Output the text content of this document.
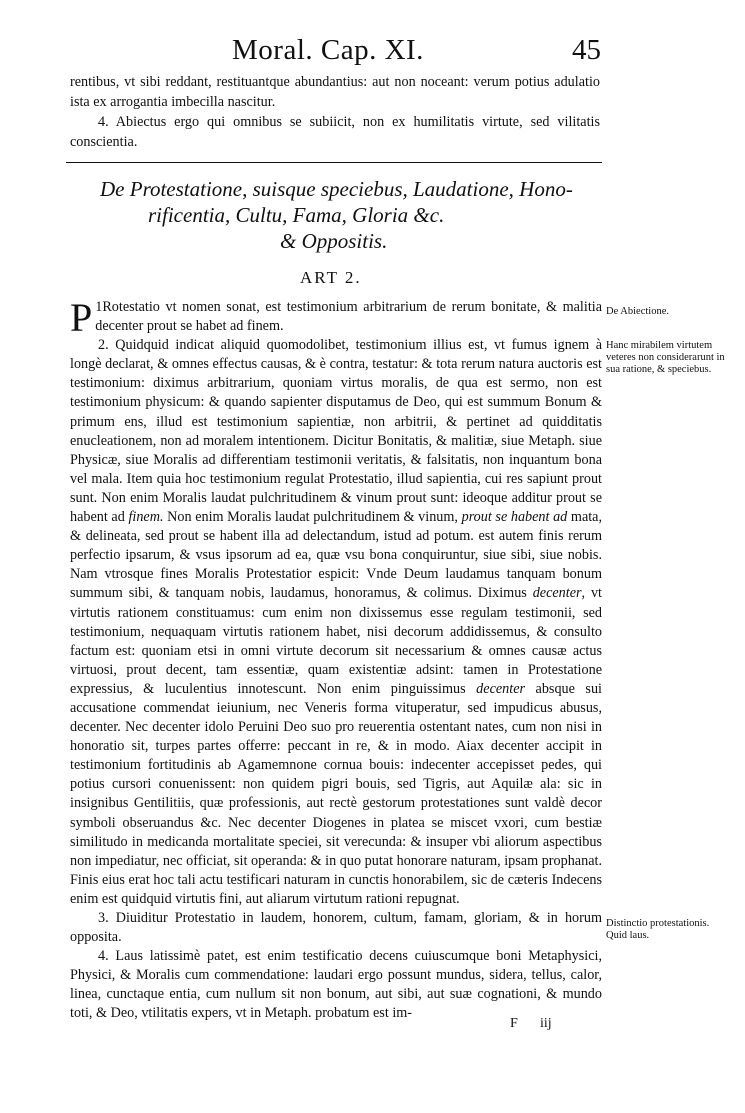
Moral. Cap. XI.	45

rentibus, vt sibi reddant, restituantque abundantius: aut non noceant: verum potius adulatio ista ex arrogantia imbecilla nascitur.

4. Abiectus ergo qui omnibus se subiicit, non ex humilitatis virtute, sed vilitatis conscientia.

De Protestatione, suisque speciebus, Laudatione, Hono-
rificentia, Cultu, Fama, Gloria &c.
& Oppositis.
ART 2.

1
P Rotestatio vt nomen sonat, est testimonium arbitrarium de rerum bonitate, & malitia decenter prout se habet ad finem.

2. Quidquid indicat aliquid quomodolibet, testimonium illius est, vt fumus ignem à longè declarat, & omnes effectus causas, & è contra, testatur: & tota rerum natura auctoris est testimonium: diximus arbitrarium, quoniam virtus moralis, de qua est sermo, non est testimonium physicum: & quando sapienter disputamus de Deo, qui est summum Bonum & primum ens, illud est testimonium sapientiæ, non arbitrii, & pertinet ad quidditatis enucleationem, non ad moralem intentionem. Dicitur Bonitatis, & malitiæ, siue Metaph. siue Physicæ, siue Moralis ad differentiam testimonii veritatis, & falsitatis, non inquantum bona vel mala. Item quia hoc testimonium regulat Protestatio, illud sapientia, cui res sapiunt prout sunt. Non enim Moralis laudat pulchritudinem & vinum prout sunt: ideoque additur prout se habent ad finem. Non enim Moralis laudat pulchritudinem & vinum, prout se habent ad mata, & delineata, sed prout se habent illa ad delectandum, istud ad potum. est autem finis rerum perfectio ipsarum, & vsus ipsorum ad ea, quæ vsu bona conquiruntur, siue sibi, siue nobis. Nam vtrosque fines Moralis Protestatior espicit: Vnde Deum laudamus tanquam bonum summum sibi, & tanquam nobis, laudamus, honoramus, & colimus. Diximus decenter, vt virtutis rationem constituamus: cum enim non dixissemus esse regulam testimonii, sed testimonium, nequaquam virtutis rationem habet, nisi decorum addidissemus, & consulto factum est: quoniam etsi in omni virtute decorum sit necessarium & omnes causæ actus virtuosi, prout decent, tam essentiæ, quam existentiæ adsint: tamen in Protestatione expressius, & luculentius innotescunt. Non enim pinguissimus decenter absque sui accusatione commendat ieiunium, nec Veneris forma vituperatur, sed impudicus abusus, decenter. Nec decenter idolo Peruini Deo suo pro reuerentia ostentant nates, cum non nisi in honoratio sit, turpes partes offerre: peccant in re, & in modo. Aiax decenter accipit in testimonium fortitudinis ab Agamemnone cornua bouis: indecenter accepisset pedes, qui potius cursori conuenissent: non quidem pigri bouis, sed Tigris, aut Aquilæ ala: sic in insignibus Gentilitiis, quæ professionis, aut rectè gestorum protestationes sunt valdè decor symboli obseruandus &c. Nec decenter Diogenes in platea se miscet vxori, cum bestiæ similitudo in medicanda mortalitate speciei, sit verecunda: & insuper vbi aliorum aspectibus non impediatur, nec officiat, sit operanda: & in quo putat honorare naturam, ipsam prophanat. Finis eius erat hoc tali actu testificari naturam in cunctis honorabilem, sic de cæteris Indecens enim est quidquid virtutis fini, aut aliarum virtutum rationi repugnat.

3. Diuiditur Protestatio in laudem, honorem, cultum, famam, gloriam, & in horum opposita.

4. Laus latissimè patet, est enim testificatio decens cuiuscumque boni Metaphysici, Physici, & Moralis cum commendatione: laudari ergo possunt mundus, sidera, tellus, calor, linea, cunctaque entia, cum nullum sit non bonum, aut sibi, aut suæ cognationi, & mundo toti, & Deo, vtilitatis expers, vt in Metaph. probatum est im-

F iij
De Abiectione.
Hanc mirabilem virtutem veteres non considerarunt in sua ratione, & speciebus.
Distinctio protestationis.
Quid laus.
